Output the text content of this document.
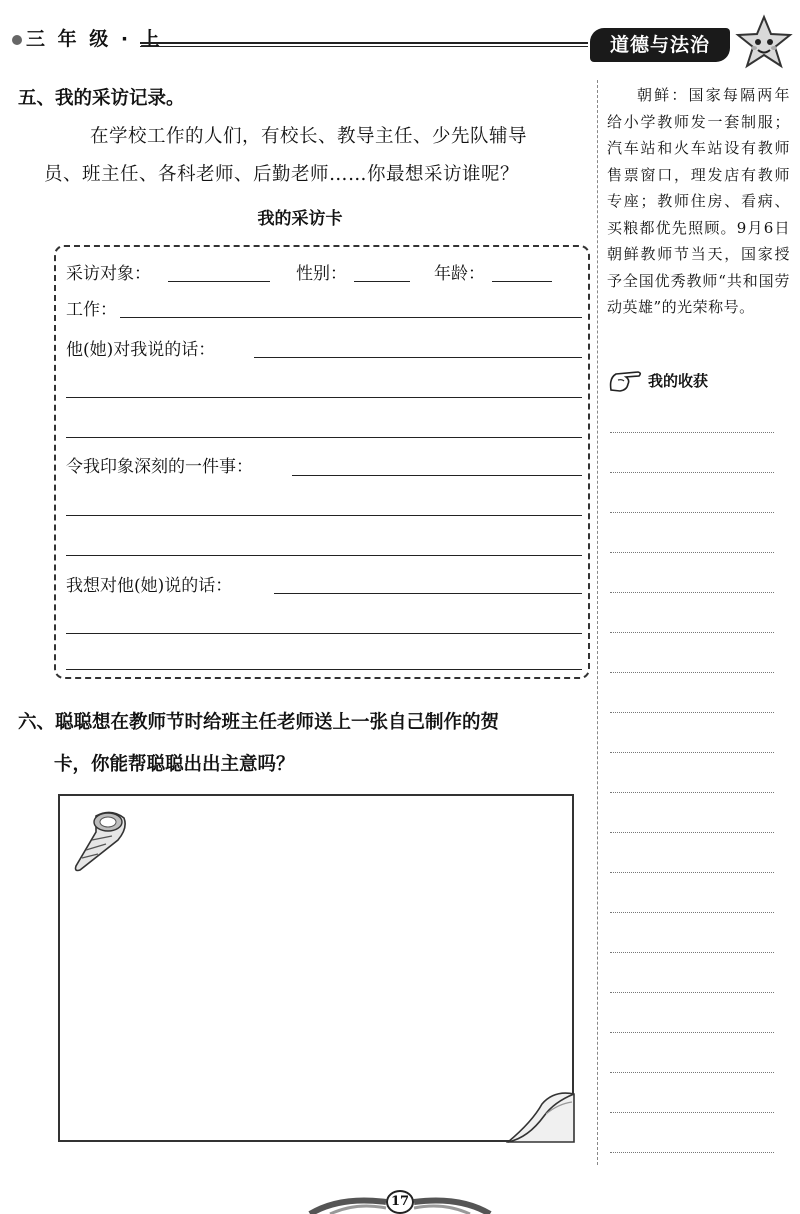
三 年 级 · 上	道德与法治

朝鲜：国家每隔两年给小学教师发一套制服；汽车站和火车站设有教师售票窗口，理发店有教师专座；教师住房、看病、买粮都优先照顾。9月6日朝鲜教师节当天，国家授予全国优秀教师“共和国劳动英雄”的光荣称号。

我的收获
五、我的采访记录。
在学校工作的人们，有校长、教导主任、少先队辅导
员、班主任、各科老师、后勤老师……你最想采访谁呢？
我的采访卡
采访对象：	性别：	年龄：
工作：
他(她)对我说的话：
令我印象深刻的一件事：
我想对他(她)说的话：
六、聪聪想在教师节时给班主任老师送上一张自己制作的贺
卡，你能帮聪聪出出主意吗？
17
